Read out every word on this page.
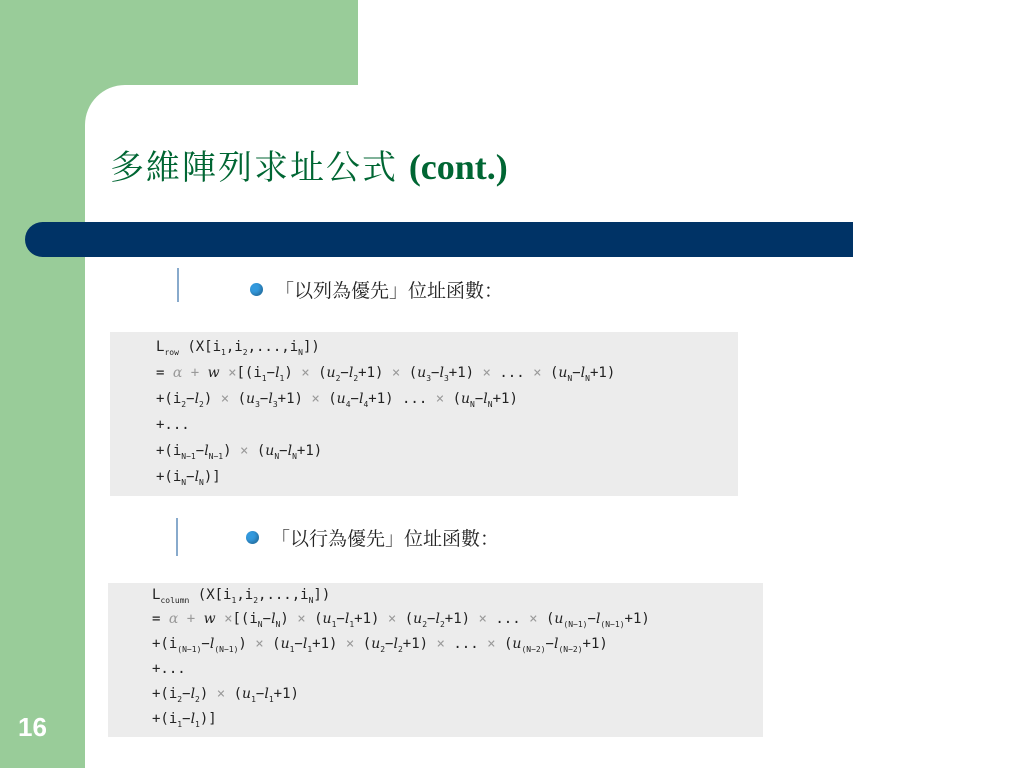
多維陣列求址公式 (cont.)
「以列為優先」位址函數：
$L_{row}$ $(X[i_1,i_2,...,i_N])$
= $\alpha + w \times[(i_1-l_1) \times (u_2-l_2+1) \times (u_3-l_3+1)$ × ... × $(u_N-l_N+1)$
$+(i_2-l_2) \times (u_3-l_3+1) \times (u_4-l_4+1)$ ... × $(u_N-l_N+1)$
+...
$+(i_{N-1}-l_{N-1}) \times (u_N-l_N+1)$
$+(i_N-l_N)$]
「以行為優先」位址函數：
$L_{column}$ $(X[i_1,i_2,...,i_N])$
= $\alpha + w \times[(i_N-l_N) \times (u_1-l_1+1) \times (u_2-l_2+1)$ × ... × $(u_{(N-1)}-l_{(N-1)}+1)$
$+(i_{(N-1)}-l_{(N-1)}) \times (u_1-l_1+1) \times (u_2-l_2+1)$ × ... × $(u_{(N-2)}-l_{(N-2)}+1)$
+...
$+(i_2-l_2) \times (u_1-l_1+1)$
$+(i_1-l_1)$]
16
